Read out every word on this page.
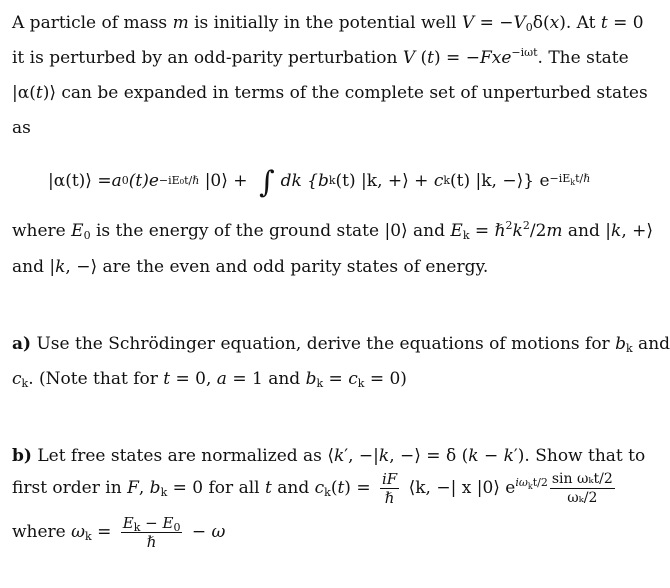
A particle of mass m is initially in the potential well $V = -V_0\delta(x)$. At t = 0
it is perturbed by an odd-parity perturbation V (t) = −Fxe$^{-i\omega t}$. The state
|α(t)⟩ can be expanded in terms of the complete set of unperturbed states
as
|α(t)⟩ = a 0 (t)e −iE₀t/ℏ |0⟩ + ∫ dk { b k (t) |k, +⟩ + c k (t) |k, −⟩} $e -iE_kt/\hbar$
where $E_0$ is the energy of the ground state |0⟩ and $E_k$ = $\hbar^2k^2/2m$ and |k, +⟩
and |k, −⟩ are the even and odd parity states of energy.
a) Use the Schrödinger equation, derive the equations of motions for $b_k$ and
$c_k$. (Note that for t = 0, a = 1 and $b_k = c_k = 0$)
b) Let free states are normalized as ⟨k′, −|k, −⟩ = δ (k − k′). Show that to
first order in F, $b_k = 0$ for all t and $c_k(t) = \frac{iF}{\text{ℏ}}$ ⟨k, −| x |0⟩ $e^{i\omega_kt/2} \frac{\text{sin ωₖt/2}}{\text{ωₖ/2}}$
where $\omega_k = \frac{E_k - E_0}{\text{ℏ}} - \omega$
